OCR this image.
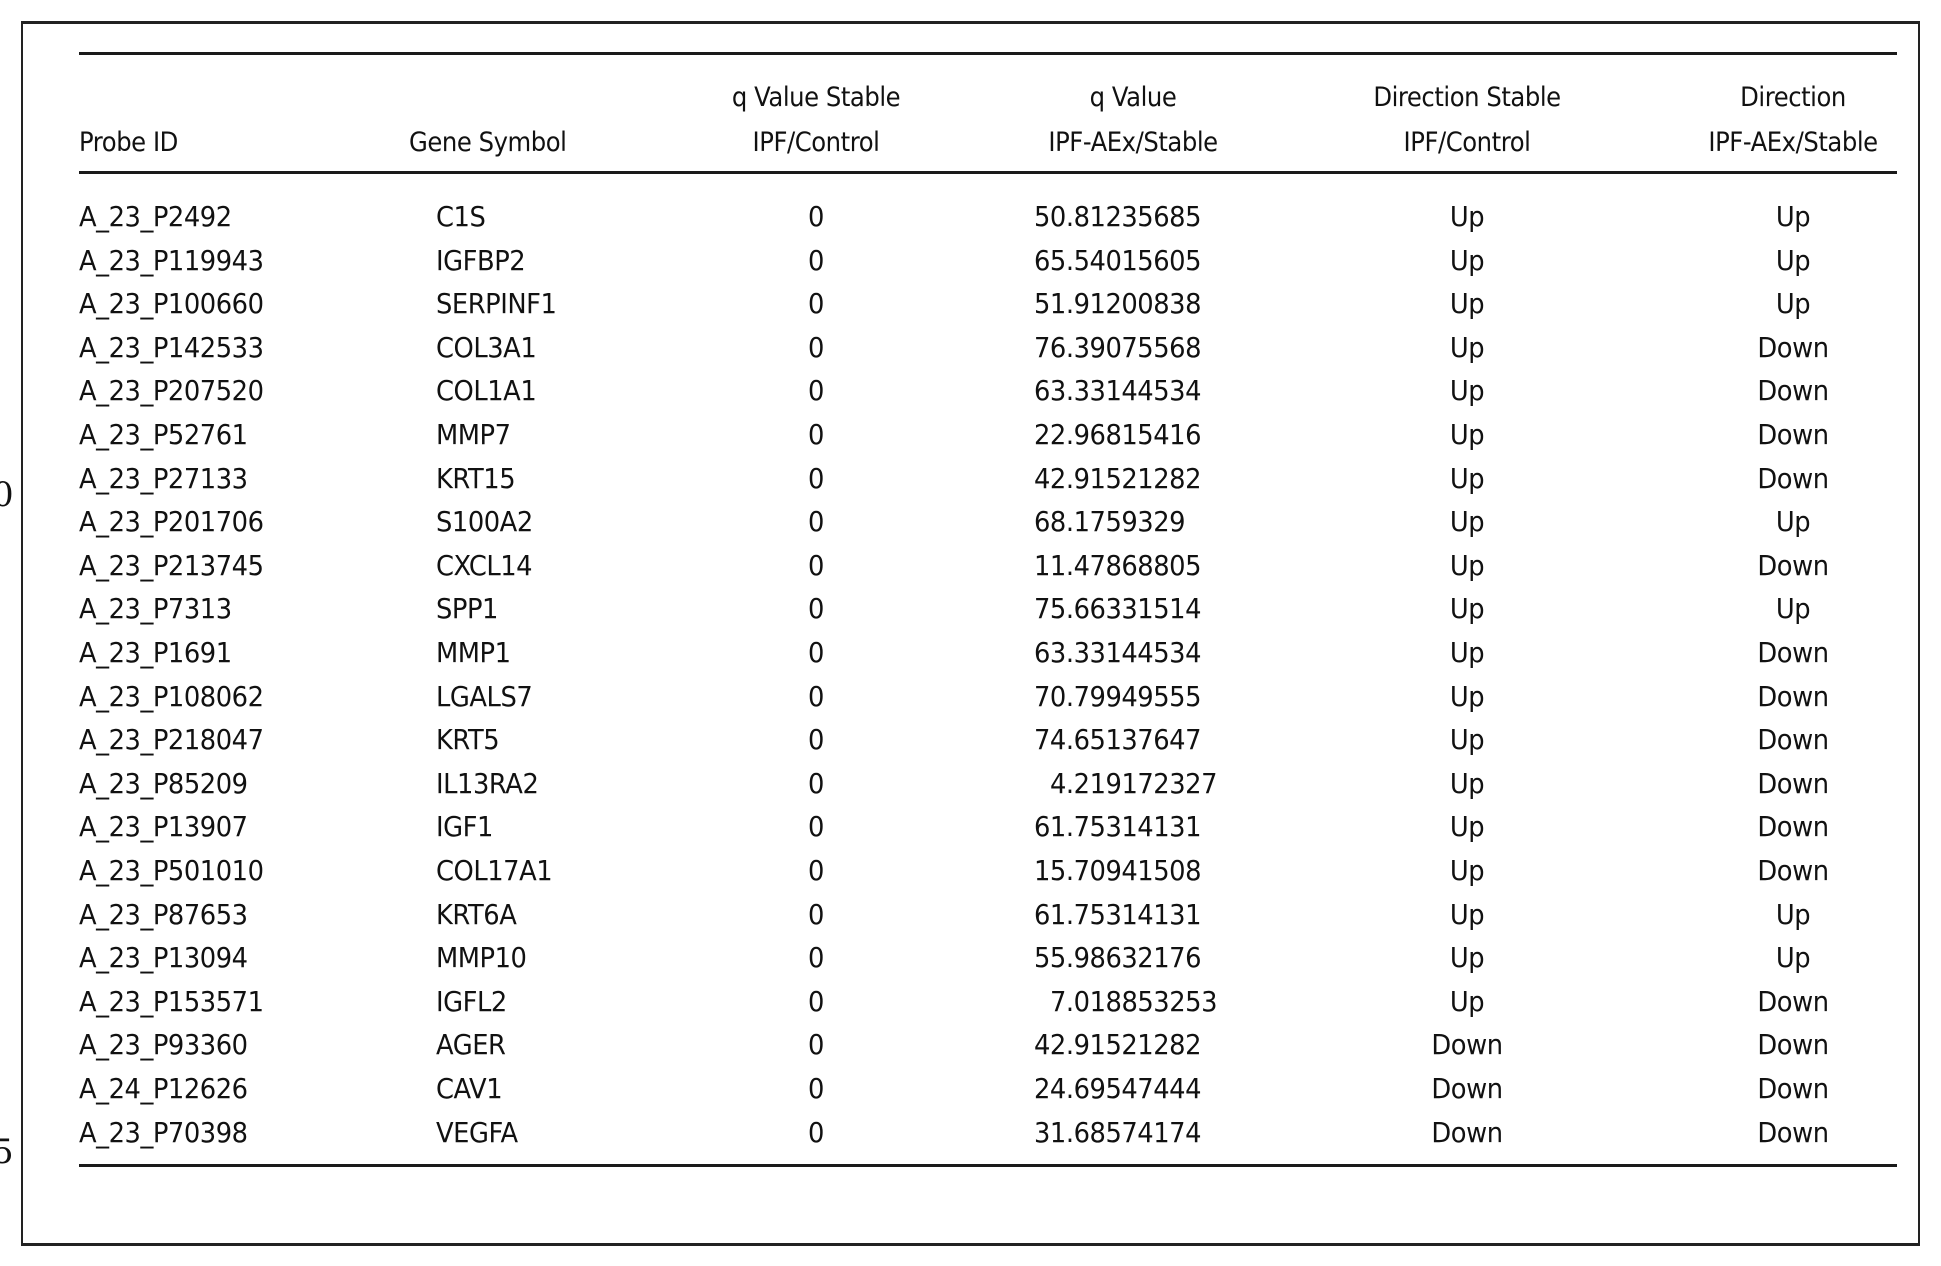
0
5
Probe ID	Gene Symbol
q Value Stable
IPF/Control
q Value
IPF-AEx/Stable
Direction Stable
IPF/Control
Direction
IPF-AEx/Stable
A_23_P2492	C1S	0	50.81235685	Up	Up
A_23_P119943	IGFBP2	0	65.54015605	Up	Up
A_23_P100660	SERPINF1	0	51.91200838	Up	Up
A_23_P142533	COL3A1	0	76.39075568	Up	Down
A_23_P207520	COL1A1	0	63.33144534	Up	Down
A_23_P52761	MMP7	0	22.96815416	Up	Down
A_23_P27133	KRT15	0	42.91521282	Up	Down
A_23_P201706	S100A2	0	68.1759329	Up	Up
A_23_P213745	CXCL14	0	11.47868805	Up	Down
A_23_P7313	SPP1	0	75.66331514	Up	Up
A_23_P1691	MMP1	0	63.33144534	Up	Down
A_23_P108062	LGALS7	0	70.79949555	Up	Down
A_23_P218047	KRT5	0	74.65137647	Up	Down
A_23_P85209	IL13RA2	0	4.219172327	Up	Down
A_23_P13907	IGF1	0	61.75314131	Up	Down
A_23_P501010	COL17A1	0	15.70941508	Up	Down
A_23_P87653	KRT6A	0	61.75314131	Up	Up
A_23_P13094	MMP10	0	55.98632176	Up	Up
A_23_P153571	IGFL2	0	7.018853253	Up	Down
A_23_P93360	AGER	0	42.91521282	Down	Down
A_24_P12626	CAV1	0	24.69547444	Down	Down
A_23_P70398	VEGFA	0	31.68574174	Down	Down
